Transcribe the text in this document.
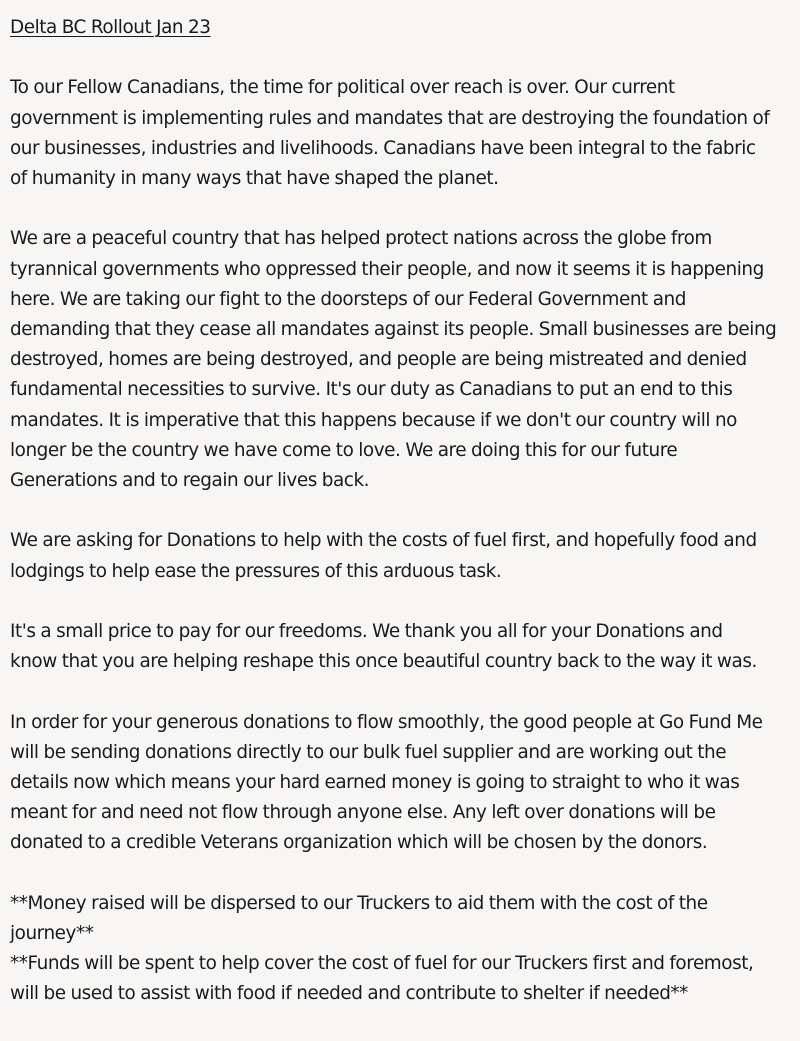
Delta BC Rollout Jan 23

To our Fellow Canadians, the time for political over reach is over. Our current
government is implementing rules and mandates that are destroying the foundation of
our businesses, industries and livelihoods. Canadians have been integral to the fabric
of humanity in many ways that have shaped the planet.

We are a peaceful country that has helped protect nations across the globe from
tyrannical governments who oppressed their people, and now it seems it is happening
here. We are taking our fight to the doorsteps of our Federal Government and
demanding that they cease all mandates against its people. Small businesses are being
destroyed, homes are being destroyed, and people are being mistreated and denied
fundamental necessities to survive. It's our duty as Canadians to put an end to this
mandates. It is imperative that this happens because if we don't our country will no
longer be the country we have come to love. We are doing this for our future
Generations and to regain our lives back.

We are asking for Donations to help with the costs of fuel first, and hopefully food and
lodgings to help ease the pressures of this arduous task.

It's a small price to pay for our freedoms. We thank you all for your Donations and
know that you are helping reshape this once beautiful country back to the way it was.

In order for your generous donations to flow smoothly, the good people at Go Fund Me
will be sending donations directly to our bulk fuel supplier and are working out the
details now which means your hard earned money is going to straight to who it was
meant for and need not flow through anyone else. Any left over donations will be
donated to a credible Veterans organization which will be chosen by the donors.

**Money raised will be dispersed to our Truckers to aid them with the cost of the
journey**
**Funds will be spent to help cover the cost of fuel for our Truckers first and foremost,
will be used to assist with food if needed and contribute to shelter if needed**
